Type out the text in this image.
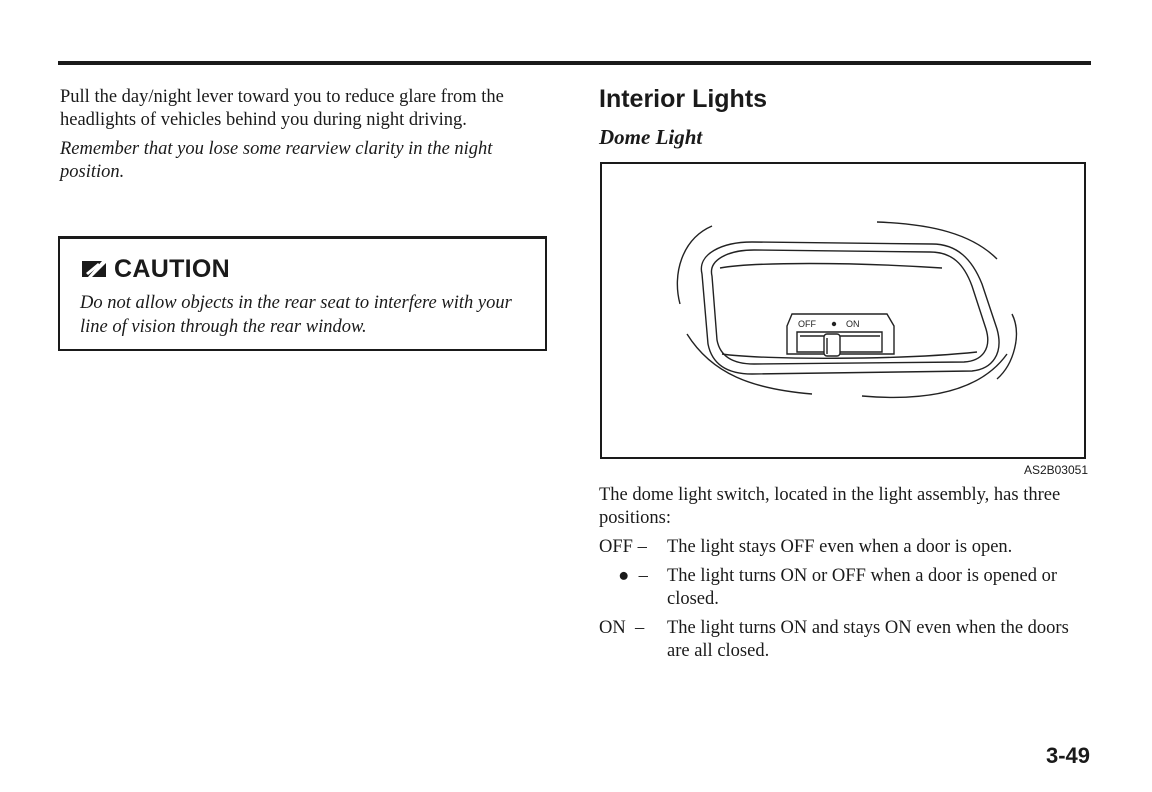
Pull the day/night lever toward you to reduce glare from the headlights of vehicles behind you during night driving.

Remember that you lose some rearview clarity in the night position.

CAUTION
Do not allow objects in the rear seat to interfere with your line of vision through the rear window.
Interior Lights
Dome Light
OFF	ON
AS2B03051

The dome light switch, located in the light assembly, has three positions:

OFF –	The light stays OFF even when a door is open.
●  –	The light turns ON or OFF when a door is opened or closed.
ON  –	The light turns ON and stays ON even when the doors are all closed.
3-49
